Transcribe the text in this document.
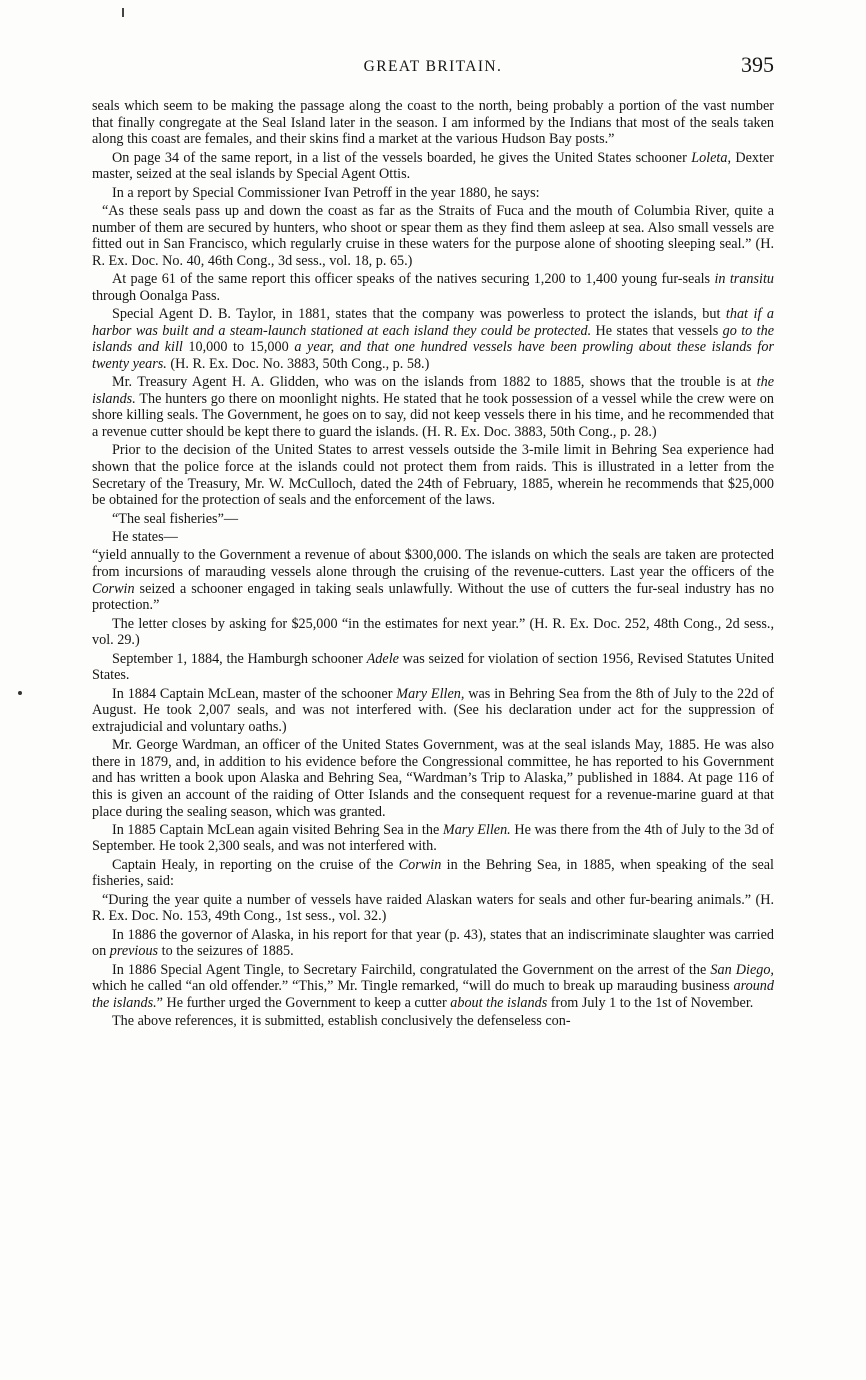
GREAT BRITAIN.	395

seals which seem to be making the passage along the coast to the north, being probably a portion of the vast number that finally congregate at the Seal Island later in the season. I am informed by the Indians that most of the seals taken along this coast are females, and their skins find a market at the various Hudson Bay posts.”

On page 34 of the same report, in a list of the vessels boarded, he gives the United States schooner Loleta, Dexter master, seized at the seal islands by Special Agent Ottis.

In a report by Special Commissioner Ivan Petroff in the year 1880, he says:

“As these seals pass up and down the coast as far as the Straits of Fuca and the mouth of Columbia River, quite a number of them are secured by hunters, who shoot or spear them as they find them asleep at sea. Also small vessels are fitted out in San Francisco, which regularly cruise in these waters for the purpose alone of shooting sleeping seal.” (H. R. Ex. Doc. No. 40, 46th Cong., 3d sess., vol. 18, p. 65.)

At page 61 of the same report this officer speaks of the natives securing 1,200 to 1,400 young fur-seals in transitu through Oonalga Pass.

Special Agent D. B. Taylor, in 1881, states that the company was powerless to protect the islands, but that if a harbor was built and a steam-launch stationed at each island they could be protected. He states that vessels go to the islands and kill 10,000 to 15,000 a year, and that one hundred vessels have been prowling about these islands for twenty years. (H. R. Ex. Doc. No. 3883, 50th Cong., p. 58.)

Mr. Treasury Agent H. A. Glidden, who was on the islands from 1882 to 1885, shows that the trouble is at the islands. The hunters go there on moonlight nights. He stated that he took possession of a vessel while the crew were on shore killing seals. The Government, he goes on to say, did not keep vessels there in his time, and he recommended that a revenue cutter should be kept there to guard the islands. (H. R. Ex. Doc. 3883, 50th Cong., p. 28.)

Prior to the decision of the United States to arrest vessels outside the 3-mile limit in Behring Sea experience had shown that the police force at the islands could not protect them from raids. This is illustrated in a letter from the Secretary of the Treasury, Mr. W. McCulloch, dated the 24th of February, 1885, wherein he recommends that $25,000 be obtained for the protection of seals and the enforcement of the laws.

“The seal fisheries”—

He states—

“yield annually to the Government a revenue of about $300,000. The islands on which the seals are taken are protected from incursions of marauding vessels alone through the cruising of the revenue-cutters. Last year the officers of the Corwin seized a schooner engaged in taking seals unlawfully. Without the use of cutters the fur-seal industry has no protection.”

The letter closes by asking for $25,000 “in the estimates for next year.” (H. R. Ex. Doc. 252, 48th Cong., 2d sess., vol. 29.)

September 1, 1884, the Hamburgh schooner Adele was seized for violation of section 1956, Revised Statutes United States.

In 1884 Captain McLean, master of the schooner Mary Ellen, was in Behring Sea from the 8th of July to the 22d of August. He took 2,007 seals, and was not interfered with. (See his declaration under act for the suppression of extrajudicial and voluntary oaths.)

Mr. George Wardman, an officer of the United States Government, was at the seal islands May, 1885. He was also there in 1879, and, in addition to his evidence before the Congressional committee, he has reported to his Government and has written a book upon Alaska and Behring Sea, “Wardman’s Trip to Alaska,” published in 1884. At page 116 of this is given an account of the raiding of Otter Islands and the consequent request for a revenue-marine guard at that place during the sealing season, which was granted.

In 1885 Captain McLean again visited Behring Sea in the Mary Ellen. He was there from the 4th of July to the 3d of September. He took 2,300 seals, and was not interfered with.

Captain Healy, in reporting on the cruise of the Corwin in the Behring Sea, in 1885, when speaking of the seal fisheries, said:

“During the year quite a number of vessels have raided Alaskan waters for seals and other fur-bearing animals.” (H. R. Ex. Doc. No. 153, 49th Cong., 1st sess., vol. 32.)

In 1886 the governor of Alaska, in his report for that year (p. 43), states that an indiscriminate slaughter was carried on previous to the seizures of 1885.

In 1886 Special Agent Tingle, to Secretary Fairchild, congratulated the Government on the arrest of the San Diego, which he called “an old offender.” “This,” Mr. Tingle remarked, “will do much to break up marauding business around the islands.” He further urged the Government to keep a cutter about the islands from July 1 to the 1st of November.

The above references, it is submitted, establish conclusively the defenseless con-
